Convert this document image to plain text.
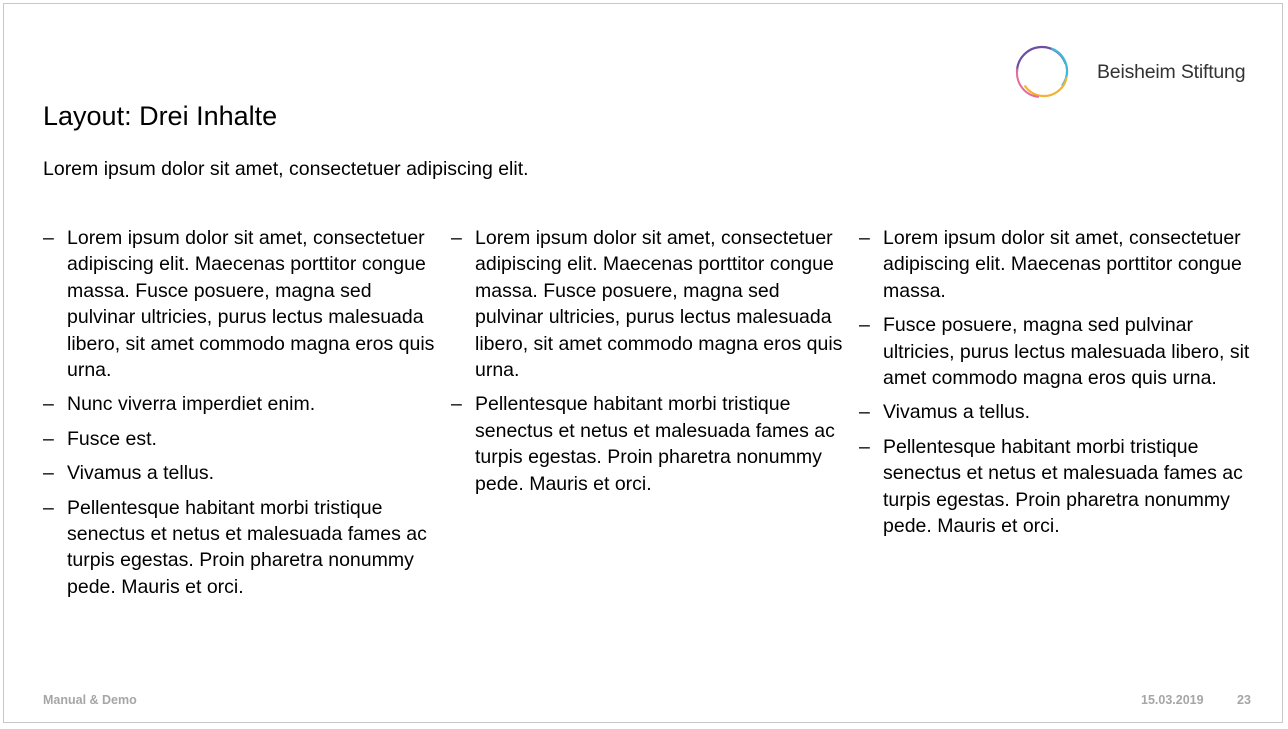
Beisheim Stiftung
Layout: Drei Inhalte
Lorem ipsum dolor sit amet, consectetuer adipiscing elit.
– Lorem ipsum dolor sit amet, consectetuer adipiscing elit. Maecenas porttitor congue massa. Fusce posuere, magna sed pulvinar ultricies, purus lectus malesuada libero, sit amet commodo magna eros quis urna.
– Nunc viverra imperdiet enim.
– Fusce est.
– Vivamus a tellus.
– Pellentesque habitant morbi tristique senectus et netus et malesuada fames ac turpis egestas. Proin pharetra nonummy pede. Mauris et orci.
– Lorem ipsum dolor sit amet, consectetuer adipiscing elit. Maecenas porttitor congue massa. Fusce posuere, magna sed pulvinar ultricies, purus lectus malesuada libero, sit amet commodo magna eros quis urna.
– Pellentesque habitant morbi tristique senectus et netus et malesuada fames ac turpis egestas. Proin pharetra nonummy pede. Mauris et orci.
– Lorem ipsum dolor sit amet, consectetuer adipiscing elit. Maecenas porttitor congue massa.
– Fusce posuere, magna sed pulvinar ultricies, purus lectus malesuada libero, sit amet commodo magna eros quis urna.
– Vivamus a tellus.
– Pellentesque habitant morbi tristique senectus et netus et malesuada fames ac turpis egestas. Proin pharetra nonummy pede. Mauris et orci.
Manual & Demo	15.03.2019	23
